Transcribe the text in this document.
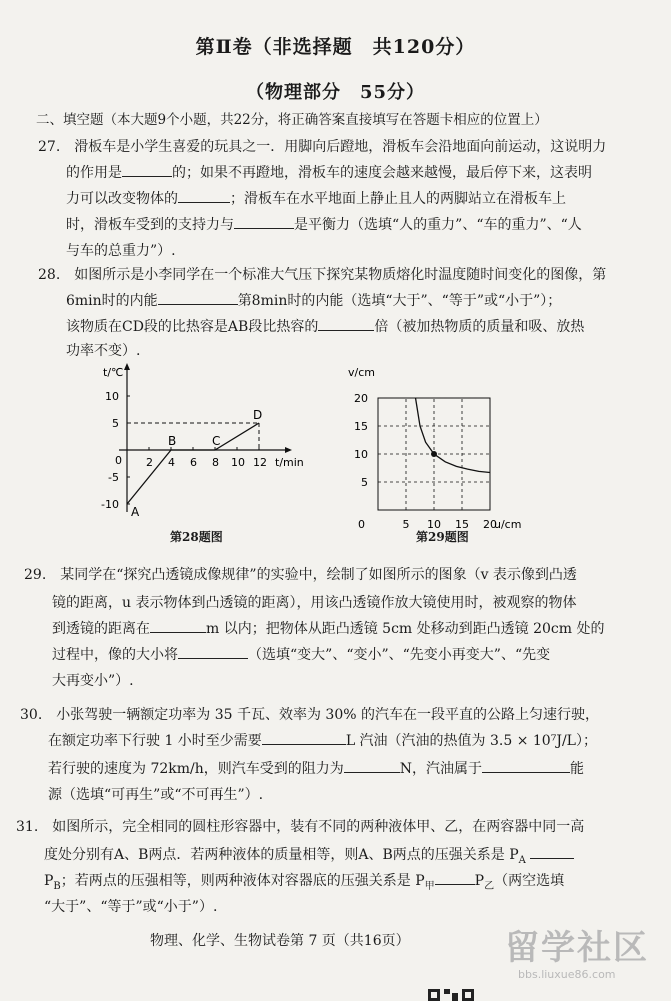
第Ⅱ卷（非选择题　共120分）
（物理部分　55分）
二、填空题（本大题9个小题，共22分，将正确答案直接填写在答题卡相应的位置上）
27.　滑板车是小学生喜爱的玩具之一．用脚向后蹬地，滑板车会沿地面向前运动，这说明力
的作用是	的；如果不再蹬地，滑板车的速度会越来越慢，最后停下来，这表明
力可以改变物体的	；滑板车在水平地面上静止且人的两脚站立在滑板车上
时，滑板车受到的支持力与	是平衡力（选填“人的重力”、“车的重力”、“人
与车的总重力”）.
28.　如图所示是小李同学在一个标准大气压下探究某物质熔化时温度随时间变化的图像，第
6min时的内能	第8min时的内能（选填“大于”、“等于”或“小于”）；
该物质在CD段的比热容是AB段比热容的	倍（被加热物质的质量和吸、放热
功率不变）.
t/℃
t/min
0 2 4 6 8 10 12
-10
-5
5
10
A
B	C
D
第28题图
v/cm
u/cm
0	5 10 15 20
5
10
15
20
第29题图
29.　某同学在“探究凸透镜成像规律”的实验中，绘制了如图所示的图象（v 表示像到凸透
镜的距离，u 表示物体到凸透镜的距离），用该凸透镜作放大镜使用时，被观察的物体
到透镜的距离在	m 以内；把物体从距凸透镜 5cm 处移动到距凸透镜 20cm 处的
过程中，像的大小将	（选填“变大”、“变小”、“先变小再变大”、“先变
大再变小”）.
30.　小张驾驶一辆额定功率为 35 千瓦、效率为 30% 的汽车在一段平直的公路上匀速行驶，
在额定功率下行驶 1 小时至少需要	L 汽油（汽油的热值为 3.5 × 10⁷J/L）；
若行驶的速度为 72km/h，则汽车受到的阻力为	N，汽油属于	能
源（选填“可再生”或“不可再生”）.
31.　如图所示，完全相同的圆柱形容器中，装有不同的两种液体甲、乙，在两容器中同一高
度处分别有A、B两点．若两种液体的质量相等，则A、B两点的压强关系是 $P_A$
$P_B$；若两点的压强相等，则两种液体对容器底的压强关系是 $P_甲$	$P_乙$（两空选填
“大于”、“等于”或“小于”）.
物理、化学、生物试卷第 7 页（共16页）	留学社区
bbs.liuxue86.com
